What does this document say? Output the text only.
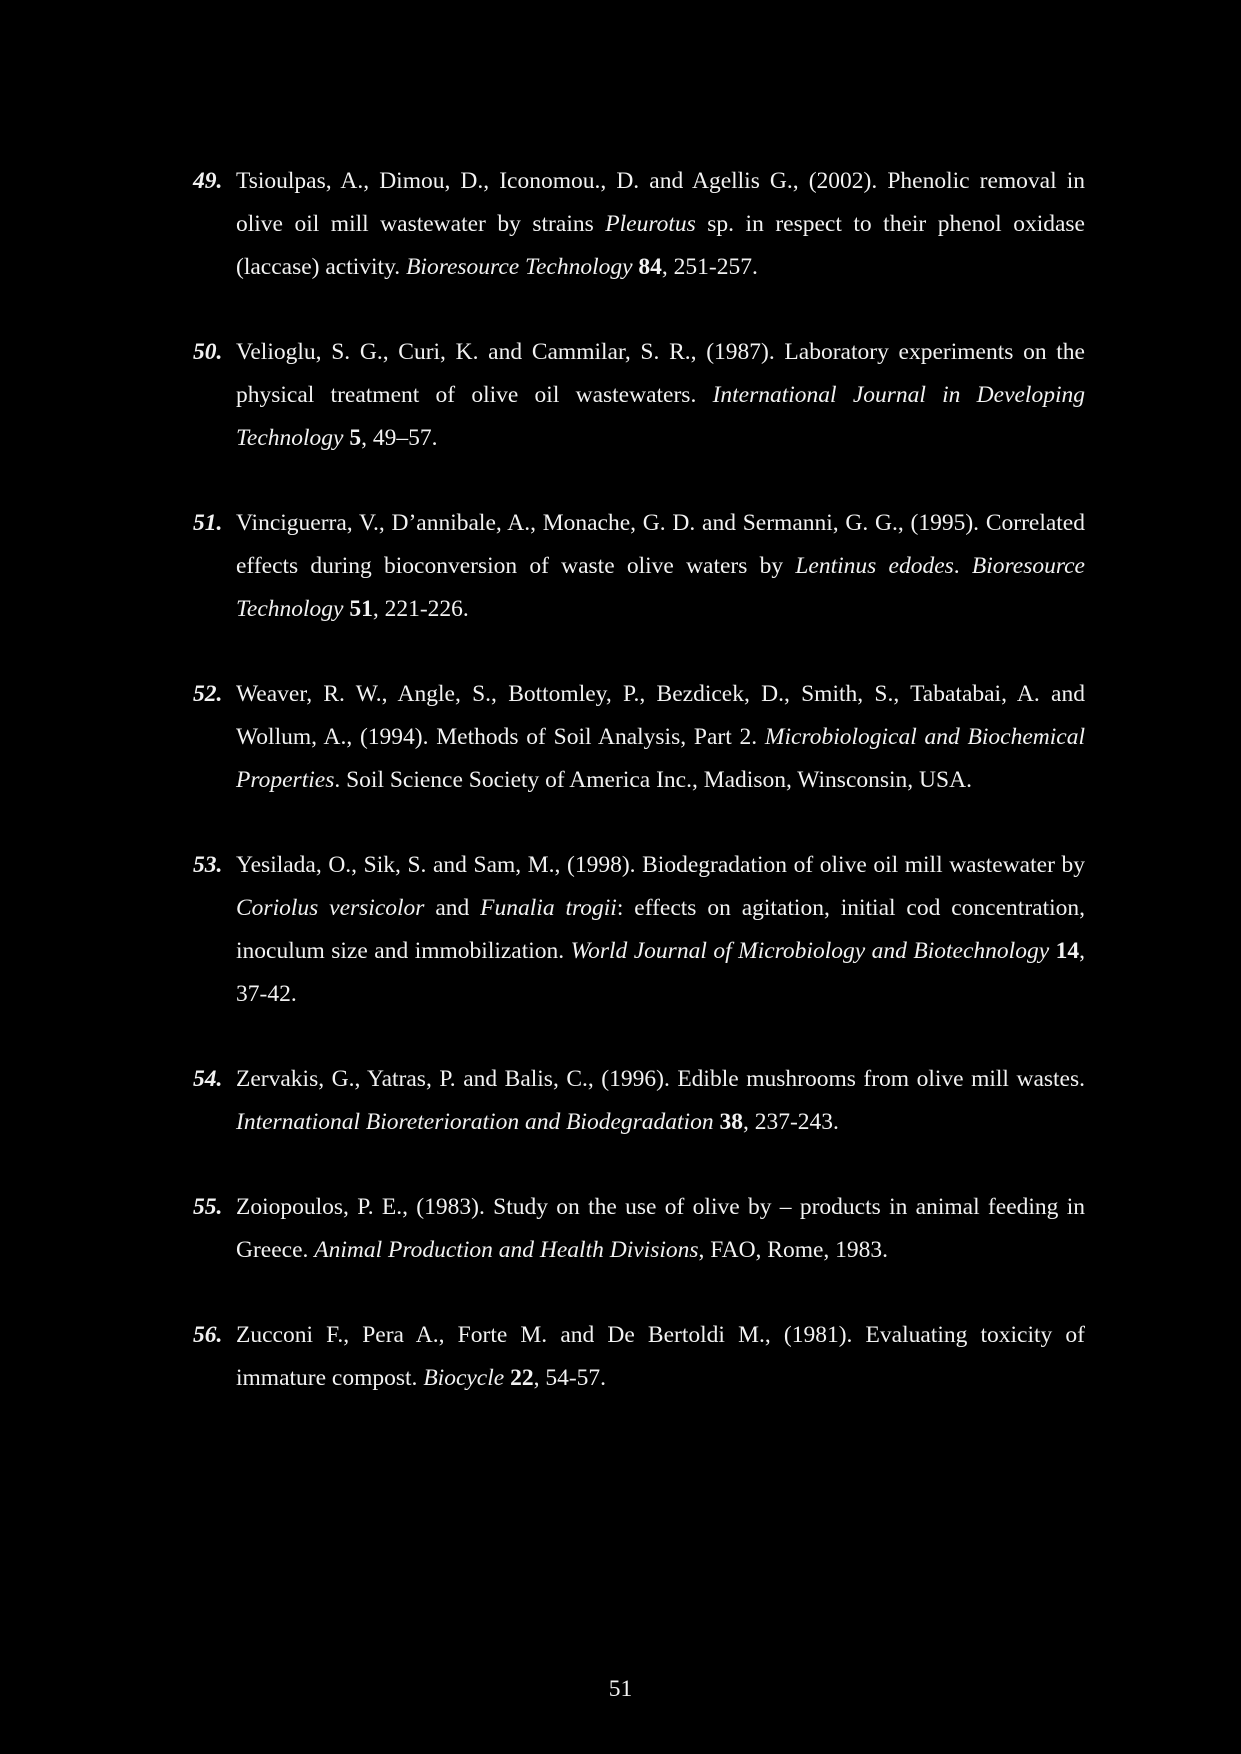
49. Tsioulpas, A., Dimou, D., Iconomou., D. and Agellis G., (2002). Phenolic removal in olive oil mill wastewater by strains Pleurotus sp. in respect to their phenol oxidase (laccase) activity. Bioresource Technology 84, 251-257.
50. Velioglu, S. G., Curi, K. and Cammilar, S. R., (1987). Laboratory experiments on the physical treatment of olive oil wastewaters. International Journal in Developing Technology 5, 49–57.
51. Vinciguerra, V., D’annibale, A., Monache, G. D. and Sermanni, G. G., (1995). Correlated effects during bioconversion of waste olive waters by Lentinus edodes. Bioresource Technology 51, 221-226.
52. Weaver, R. W., Angle, S., Bottomley, P., Bezdicek, D., Smith, S., Tabatabai, A. and Wollum, A., (1994). Methods of Soil Analysis, Part 2. Microbiological and Biochemical Properties. Soil Science Society of America Inc., Madison, Winsconsin, USA.
53. Yesilada, O., Sik, S. and Sam, M., (1998). Biodegradation of olive oil mill wastewater by Coriolus versicolor and Funalia trogii: effects on agitation, initial cod concentration, inoculum size and immobilization. World Journal of Microbiology and Biotechnology 14, 37-42.
54. Zervakis, G., Yatras, P. and Balis, C., (1996). Edible mushrooms from olive mill wastes. International Bioreterioration and Biodegradation 38, 237-243.
55. Zoiopoulos, P. E., (1983). Study on the use of olive by – products in animal feeding in Greece. Animal Production and Health Divisions, FAO, Rome, 1983.
56. Zucconi F., Pera A., Forte M. and De Bertoldi M., (1981). Evaluating toxicity of immature compost. Biocycle 22, 54-57.
51
